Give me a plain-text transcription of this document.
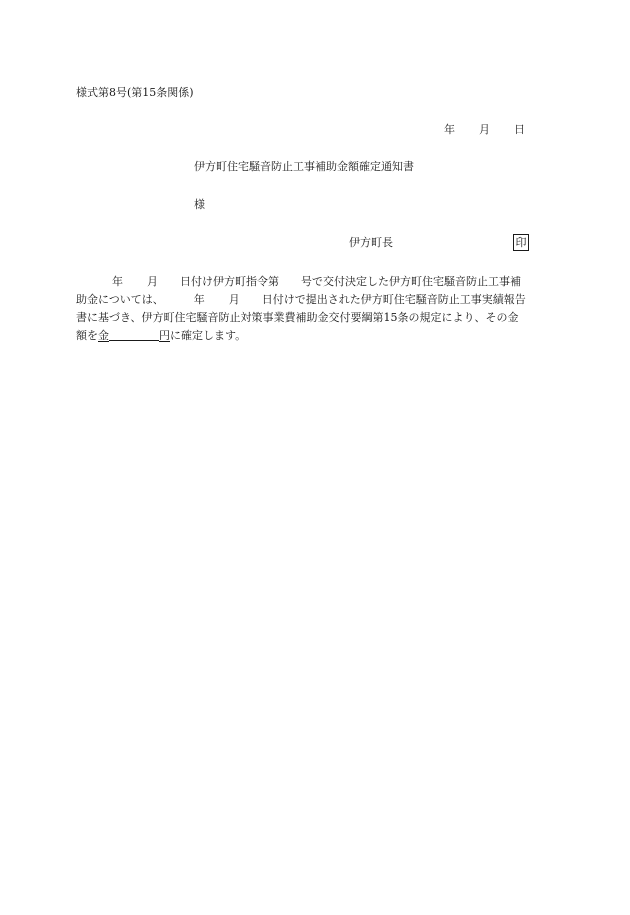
様式第8号(第15条関係)
年 月 日
伊方町住宅騒音防止工事補助金額確定通知書
様
伊方町長	印
年 月 日付け伊方町指令第 号で交付決定した伊方町住宅騒音防止工事補
助金については、	年 月 日付けで提出された伊方町住宅騒音防止工事実績報告
書に基づき、伊方町住宅騒音防止対策事業費補助金交付要綱第15条の規定により、その金
額を金	円に確定します。
